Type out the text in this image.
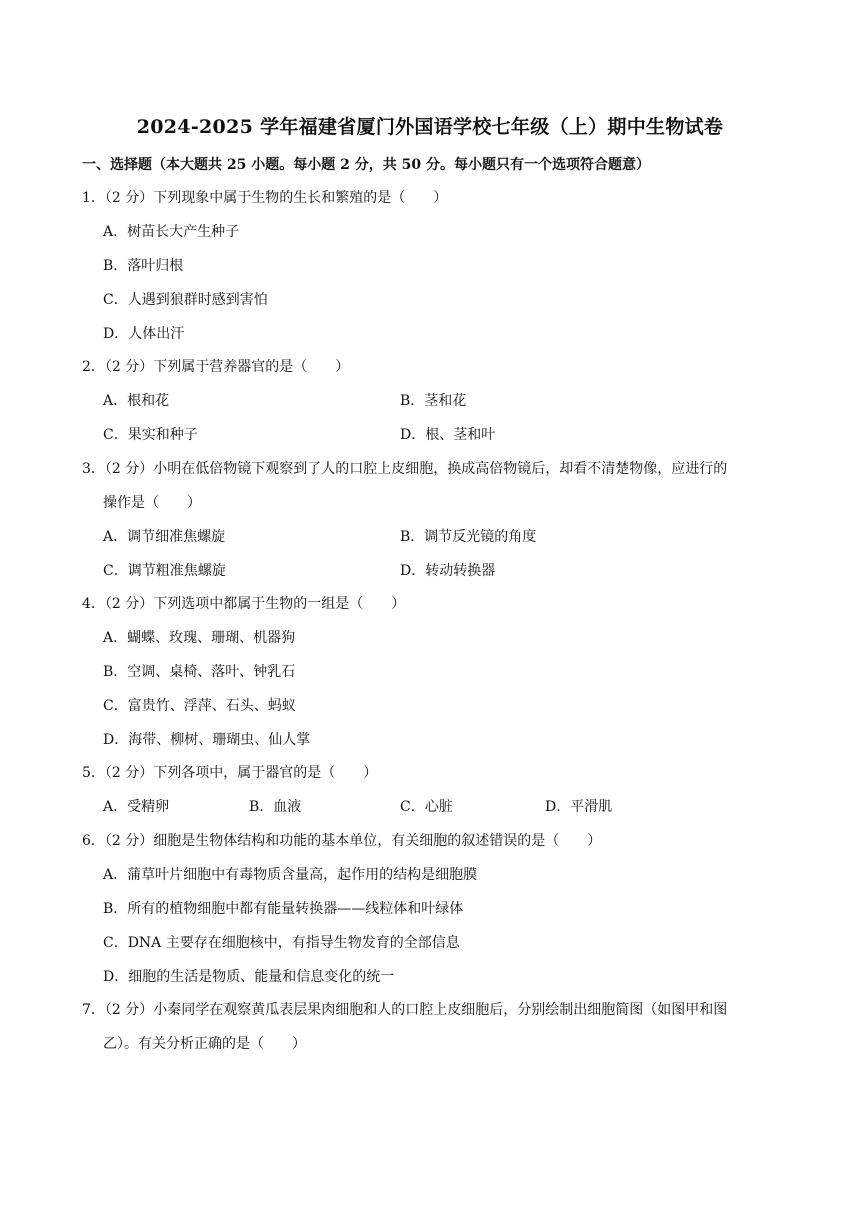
2024-2025 学年福建省厦门外国语学校七年级（上）期中生物试卷
一、选择题（本大题共 25 小题。每小题 2 分，共 50 分。每小题只有一个选项符合题意）
1．（2 分）下列现象中属于生物的生长和繁殖的是（　　）
A．树苗长大产生种子
B．落叶归根
C．人遇到狼群时感到害怕
D．人体出汗
2．（2 分）下列属于营养器官的是（　　）
A．根和花	B．茎和花
C．果实和种子	D．根、茎和叶
3．（2 分）小明在低倍物镜下观察到了人的口腔上皮细胞，换成高倍物镜后，却看不清楚物像，应进行的
操作是（　　）
A．调节细准焦螺旋	B．调节反光镜的角度
C．调节粗准焦螺旋	D．转动转换器
4．（2 分）下列选项中都属于生物的一组是（　　）
A．蝴蝶、玫瑰、珊瑚、机器狗
B．空调、桌椅、落叶、钟乳石
C．富贵竹、浮萍、石头、蚂蚁
D．海带、柳树、珊瑚虫、仙人掌
5．（2 分）下列各项中，属于器官的是（　　）
A．受精卵	B．血液	C．心脏	D．平滑肌
6．（2 分）细胞是生物体结构和功能的基本单位，有关细胞的叙述错误的是（　　）
A．蒲草叶片细胞中有毒物质含量高，起作用的结构是细胞膜
B．所有的植物细胞中都有能量转换器——线粒体和叶绿体
C．DNA 主要存在细胞核中，有指导生物发育的全部信息
D．细胞的生活是物质、能量和信息变化的统一
7．（2 分）小秦同学在观察黄瓜表层果肉细胞和人的口腔上皮细胞后，分别绘制出细胞简图（如图甲和图
乙）。有关分析正确的是（　　）
